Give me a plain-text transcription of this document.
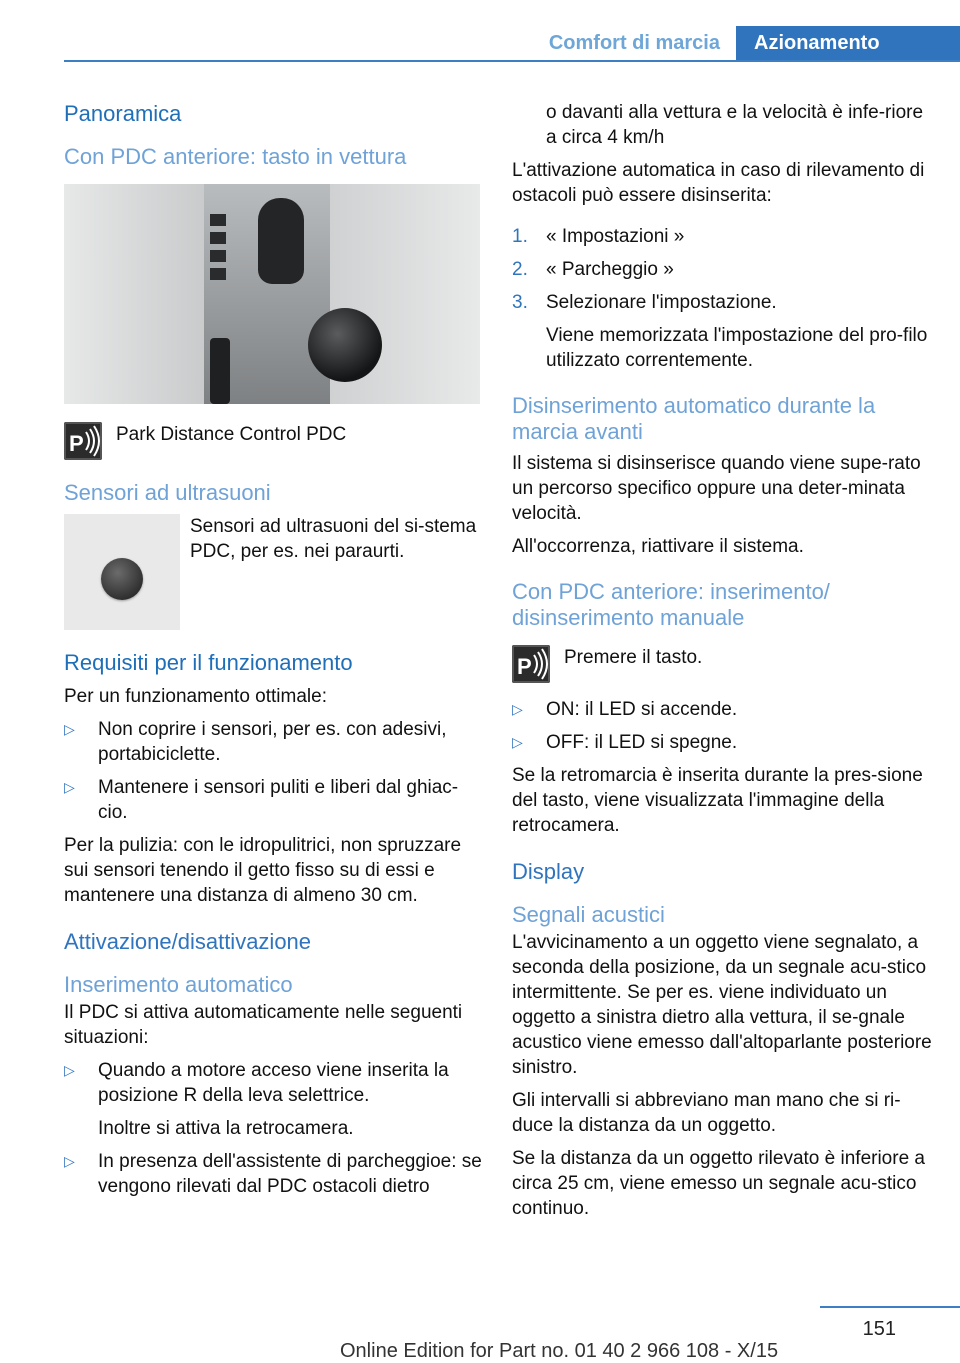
Comfort di marcia	Azionamento
Panoramica
Con PDC anteriore: tasto in vettura
P Park Distance Control PDC
Sensori ad ultrasuoni
Sensori ad ultrasuoni del si-stema PDC, per es. nei paraurti.
Requisiti per il funzionamento

Per un funzionamento ottimale:

▷ Non coprire i sensori, per es. con adesivi, portabiciclette.
▷ Mantenere i sensori puliti e liberi dal ghiac-cio.

Per la pulizia: con le idropulitrici, non spruzzare sui sensori tenendo il getto fisso su di essi e mantenere una distanza di almeno 30 cm.

Attivazione/disattivazione
Inserimento automatico

Il PDC si attiva automaticamente nelle seguenti situazioni:

▷ Quando a motore acceso viene inserita la posizione R della leva selettrice.
Inoltre si attiva la retrocamera.
▷ In presenza dell'assistente di parcheggioe: se vengono rilevati dal PDC ostacoli dietro

o davanti alla vettura e la velocità è infe-riore a circa 4 km/h

L'attivazione automatica in caso di rilevamento di ostacoli può essere disinserita:

1. « Impostazioni »
2. « Parcheggio »
3. Selezionare l'impostazione.
Viene memorizzata l'impostazione del pro-filo utilizzato correntemente.
Disinserimento automatico durante la marcia avanti

Il sistema si disinserisce quando viene supe-rato un percorso specifico oppure una deter-minata velocità.

All'occorrenza, riattivare il sistema.

Con PDC anteriore: inserimento/ disinserimento manuale
P Premere il tasto.
▷ ON: il LED si accende.
▷ OFF: il LED si spegne.

Se la retromarcia è inserita durante la pres-sione del tasto, viene visualizzata l'immagine della retrocamera.

Display
Segnali acustici

L'avvicinamento a un oggetto viene segnalato, a seconda della posizione, da un segnale acu-stico intermittente. Se per es. viene individuato un oggetto a sinistra dietro alla vettura, il se-gnale acustico viene emesso dall'altoparlante posteriore sinistro.

Gli intervalli si abbreviano man mano che si ri-duce la distanza da un oggetto.

Se la distanza da un oggetto rilevato è inferiore a circa 25 cm, viene emesso un segnale acu-stico continuo.

151
Online Edition for Part no. 01 40 2 966 108 - X/15
